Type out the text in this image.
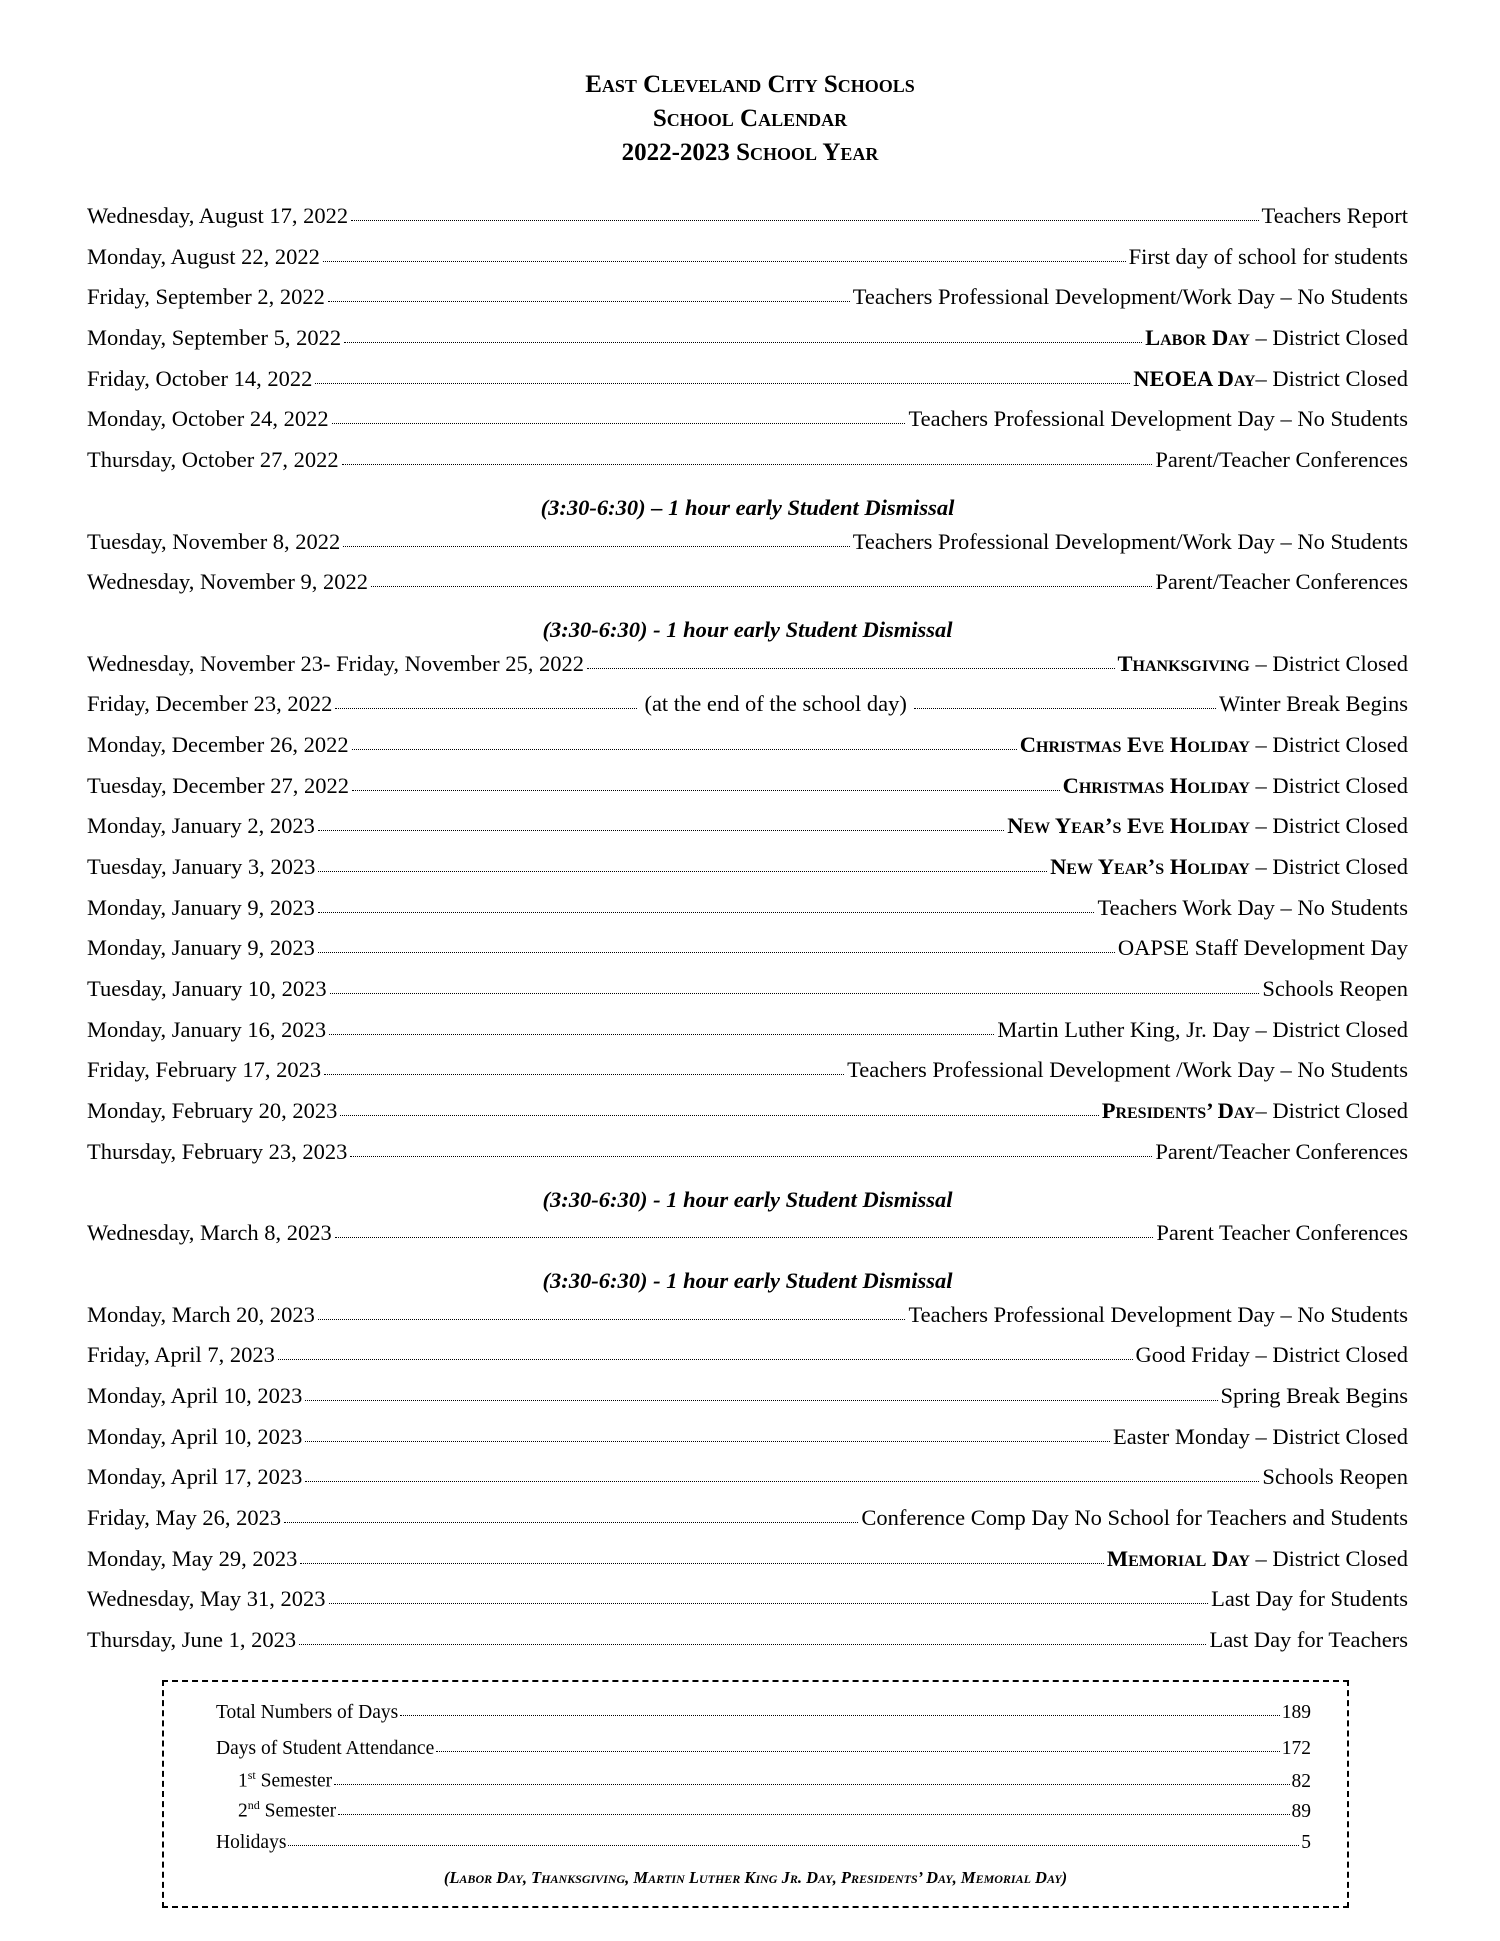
East Cleveland City Schools
School Calendar
2022-2023 School Year
Wednesday, August 17, 2022	Teachers Report
Monday, August 22, 2022	First day of school for students
Friday, September 2, 2022	Teachers Professional Development/Work Day – No Students
Monday, September 5, 2022	Labor Day – District Closed
Friday, October 14, 2022	NEOEA Day– District Closed
Monday, October 24, 2022	Teachers Professional Development Day – No Students
Thursday, October 27, 2022	Parent/Teacher Conferences
(3:30-6:30) – 1 hour early Student Dismissal
Tuesday, November 8, 2022	Teachers Professional Development/Work Day – No Students
Wednesday, November 9, 2022	Parent/Teacher Conferences
(3:30-6:30) - 1 hour early Student Dismissal
Wednesday, November 23- Friday, November 25, 2022	Thanksgiving – District Closed
Friday, December 23, 2022	(at the end of the school day)	Winter Break Begins
Monday, December 26, 2022	Christmas Eve Holiday – District Closed
Tuesday, December 27, 2022	Christmas Holiday – District Closed
Monday, January 2, 2023	New Year’s Eve Holiday – District Closed
Tuesday, January 3, 2023	New Year’s Holiday – District Closed
Monday, January 9, 2023	Teachers Work Day – No Students
Monday, January 9, 2023	OAPSE Staff Development Day
Tuesday, January 10, 2023	Schools Reopen
Monday, January 16, 2023	Martin Luther King, Jr. Day – District Closed
Friday, February 17, 2023	Teachers Professional Development /Work Day – No Students
Monday, February 20, 2023	Presidents’ Day– District Closed
Thursday, February 23, 2023	Parent/Teacher Conferences
(3:30-6:30) - 1 hour early Student Dismissal
Wednesday, March 8, 2023	Parent Teacher Conferences
(3:30-6:30) - 1 hour early Student Dismissal
Monday, March 20, 2023	Teachers Professional Development Day – No Students
Friday, April 7, 2023	Good Friday – District Closed
Monday, April 10, 2023	Spring Break Begins
Monday, April 10, 2023	Easter Monday – District Closed
Monday, April 17, 2023	Schools Reopen
Friday, May 26, 2023	Conference Comp Day No School for Teachers and Students
Monday, May 29, 2023	Memorial Day – District Closed
Wednesday, May 31, 2023	Last Day for Students
Thursday, June 1, 2023	Last Day for Teachers
Total Numbers of Days	189
Days of Student Attendance	172
1st Semester	82
2nd Semester	89
Holidays	5
(Labor Day, Thanksgiving, Martin Luther King Jr. Day, Presidents’ Day, Memorial Day)
